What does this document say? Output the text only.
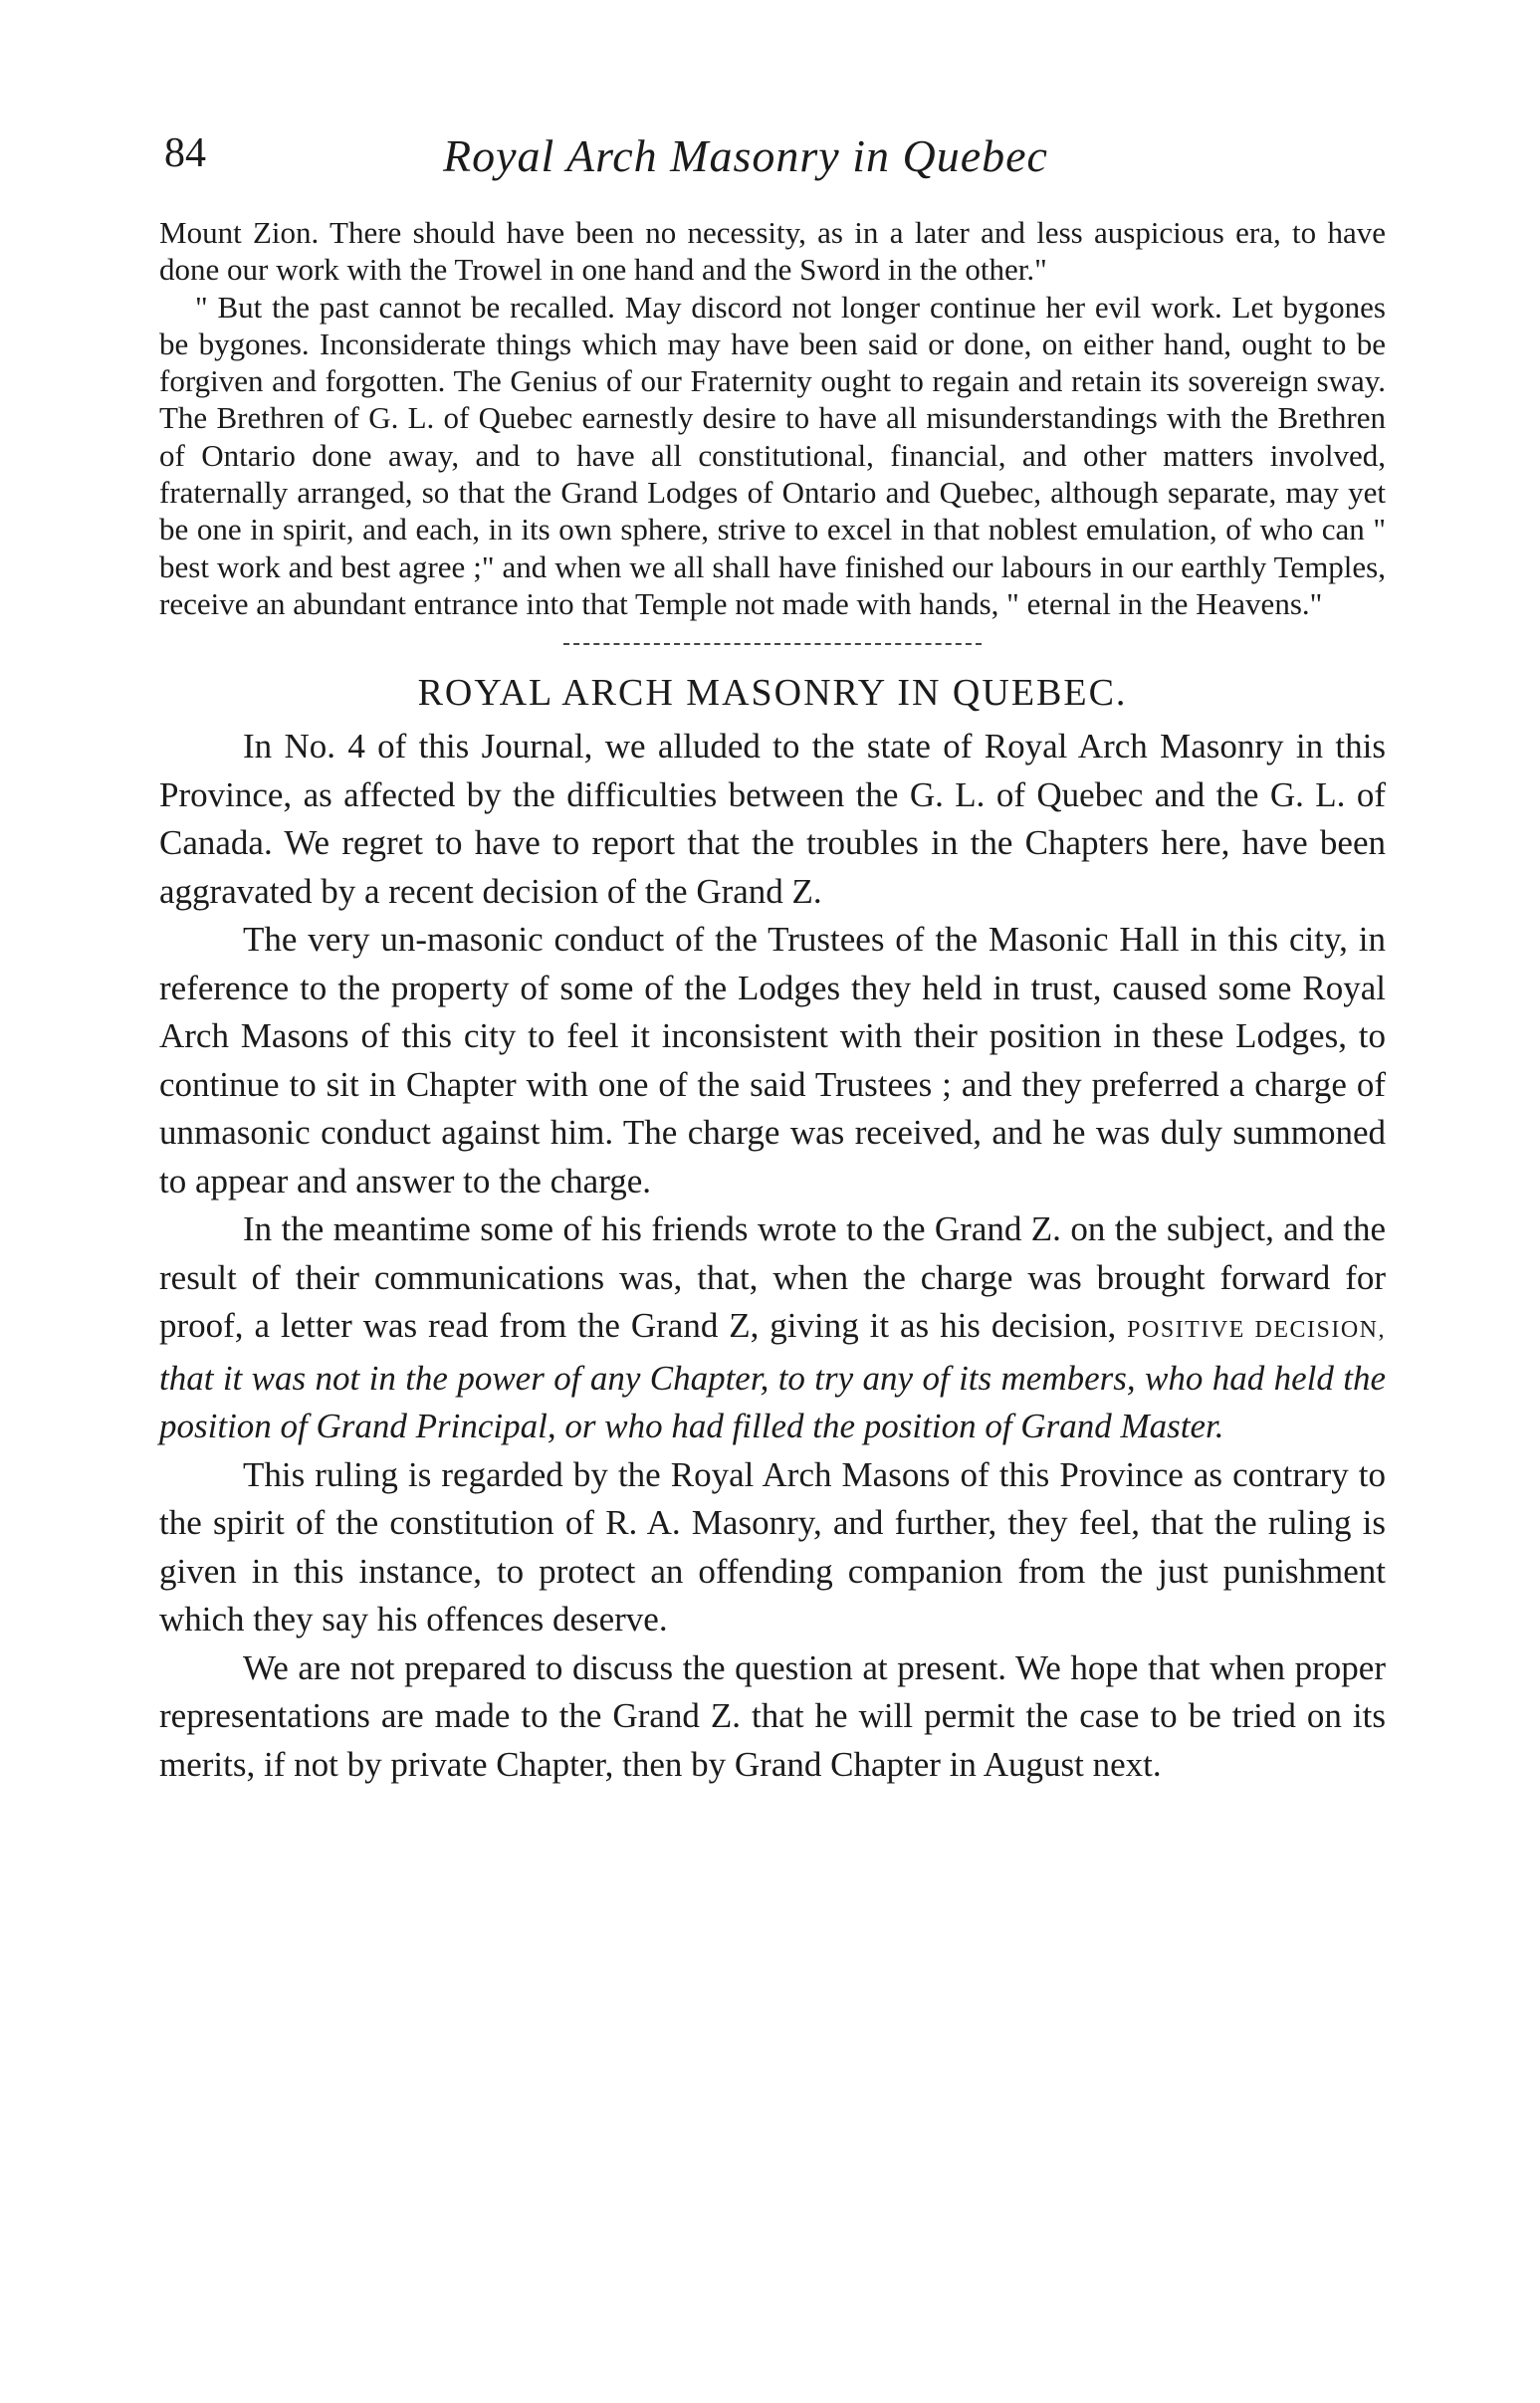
84	Royal Arch Masonry in Quebec

Mount Zion. There should have been no necessity, as in a later and less auspicious era, to have done our work with the Trowel in one hand and the Sword in the other."

" But the past cannot be recalled. May discord not longer continue her evil work. Let bygones be bygones. Inconsiderate things which may have been said or done, on either hand, ought to be forgiven and forgotten. The Genius of our Fraternity ought to regain and retain its sovereign sway. The Brethren of G. L. of Quebec earnestly desire to have all misunderstandings with the Brethren of Ontario done away, and to have all constitutional, financial, and other matters involved, fraternally arranged, so that the Grand Lodges of Ontario and Quebec, although separate, may yet be one in spirit, and each, in its own sphere, strive to excel in that noblest emulation, of who can " best work and best agree ;" and when we all shall have finished our labours in our earthly Temples, receive an abundant entrance into that Temple not made with hands, " eternal in the Heavens."

ROYAL ARCH MASONRY IN QUEBEC.

In No. 4 of this Journal, we alluded to the state of Royal Arch Masonry in this Province, as affected by the difficulties between the G. L. of Quebec and the G. L. of Canada. We regret to have to report that the troubles in the Chapters here, have been aggravated by a recent decision of the Grand Z.

The very un-masonic conduct of the Trustees of the Masonic Hall in this city, in reference to the property of some of the Lodges they held in trust, caused some Royal Arch Masons of this city to feel it inconsistent with their position in these Lodges, to continue to sit in Chapter with one of the said Trustees ; and they preferred a charge of unmasonic conduct against him. The charge was received, and he was duly summoned to appear and answer to the charge.

In the meantime some of his friends wrote to the Grand Z. on the subject, and the result of their communications was, that, when the charge was brought forward for proof, a letter was read from the Grand Z, giving it as his decision, POSITIVE DECISION, that it was not in the power of any Chapter, to try any of its members, who had held the position of Grand Principal, or who had filled the position of Grand Master.

This ruling is regarded by the Royal Arch Masons of this Province as contrary to the spirit of the constitution of R. A. Masonry, and further, they feel, that the ruling is given in this instance, to protect an offending companion from the just punishment which they say his offences deserve.

We are not prepared to discuss the question at present. We hope that when proper representations are made to the Grand Z. that he will permit the case to be tried on its merits, if not by private Chapter, then by Grand Chapter in August next.
